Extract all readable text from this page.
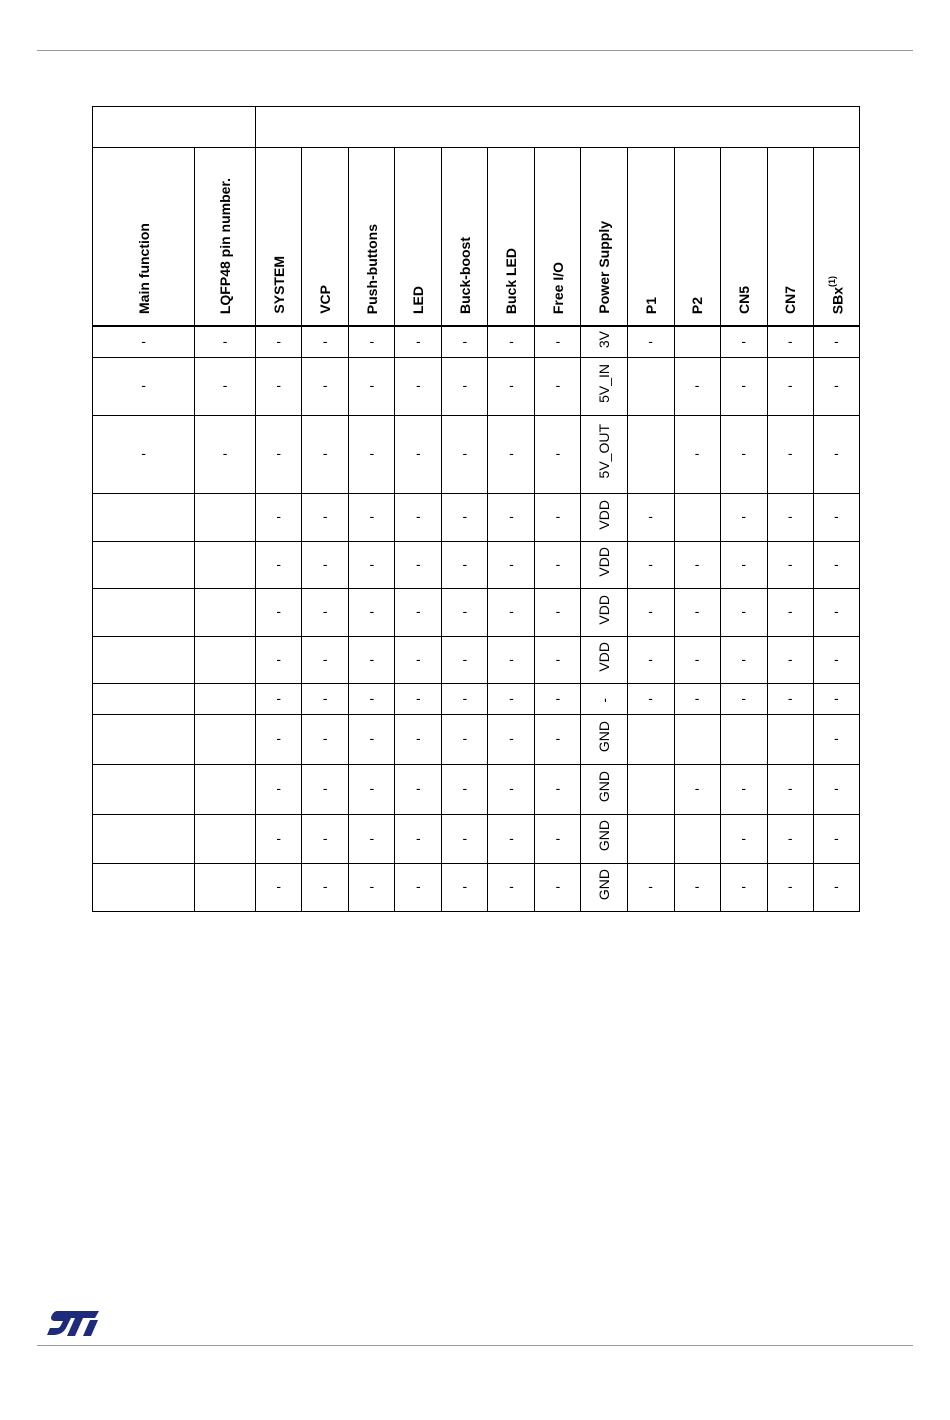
Main function	LQFP48 pin number.	SYSTEM	VCP	Push-buttons	LED	Buck-boost	Buck LED	Free I/O	Power Supply	P1	P2	CN5	CN7	SBx$^{(1)}$
-	-	-	-	-	-	-	-	-	3V	-		-	-	-
-	-	-	-	-	-	-	-	-	5V_IN		-	-	-	-
-	-	-	-	-	-	-	-	-	5V_OUT		-	-	-	-
		-	-	-	-	-	-	-	VDD	-		-	-	-
		-	-	-	-	-	-	-	VDD	-	-	-	-	-
		-	-	-	-	-	-	-	VDD	-	-	-	-	-
		-	-	-	-	-	-	-	VDD	-	-	-	-	-
		-	-	-	-	-	-	-	-	-	-	-	-	-
		-	-	-	-	-	-	-	GND					-
		-	-	-	-	-	-	-	GND		-	-	-	-
		-	-	-	-	-	-	-	GND			-	-	-
		-	-	-	-	-	-	-	GND	-	-	-	-	-
